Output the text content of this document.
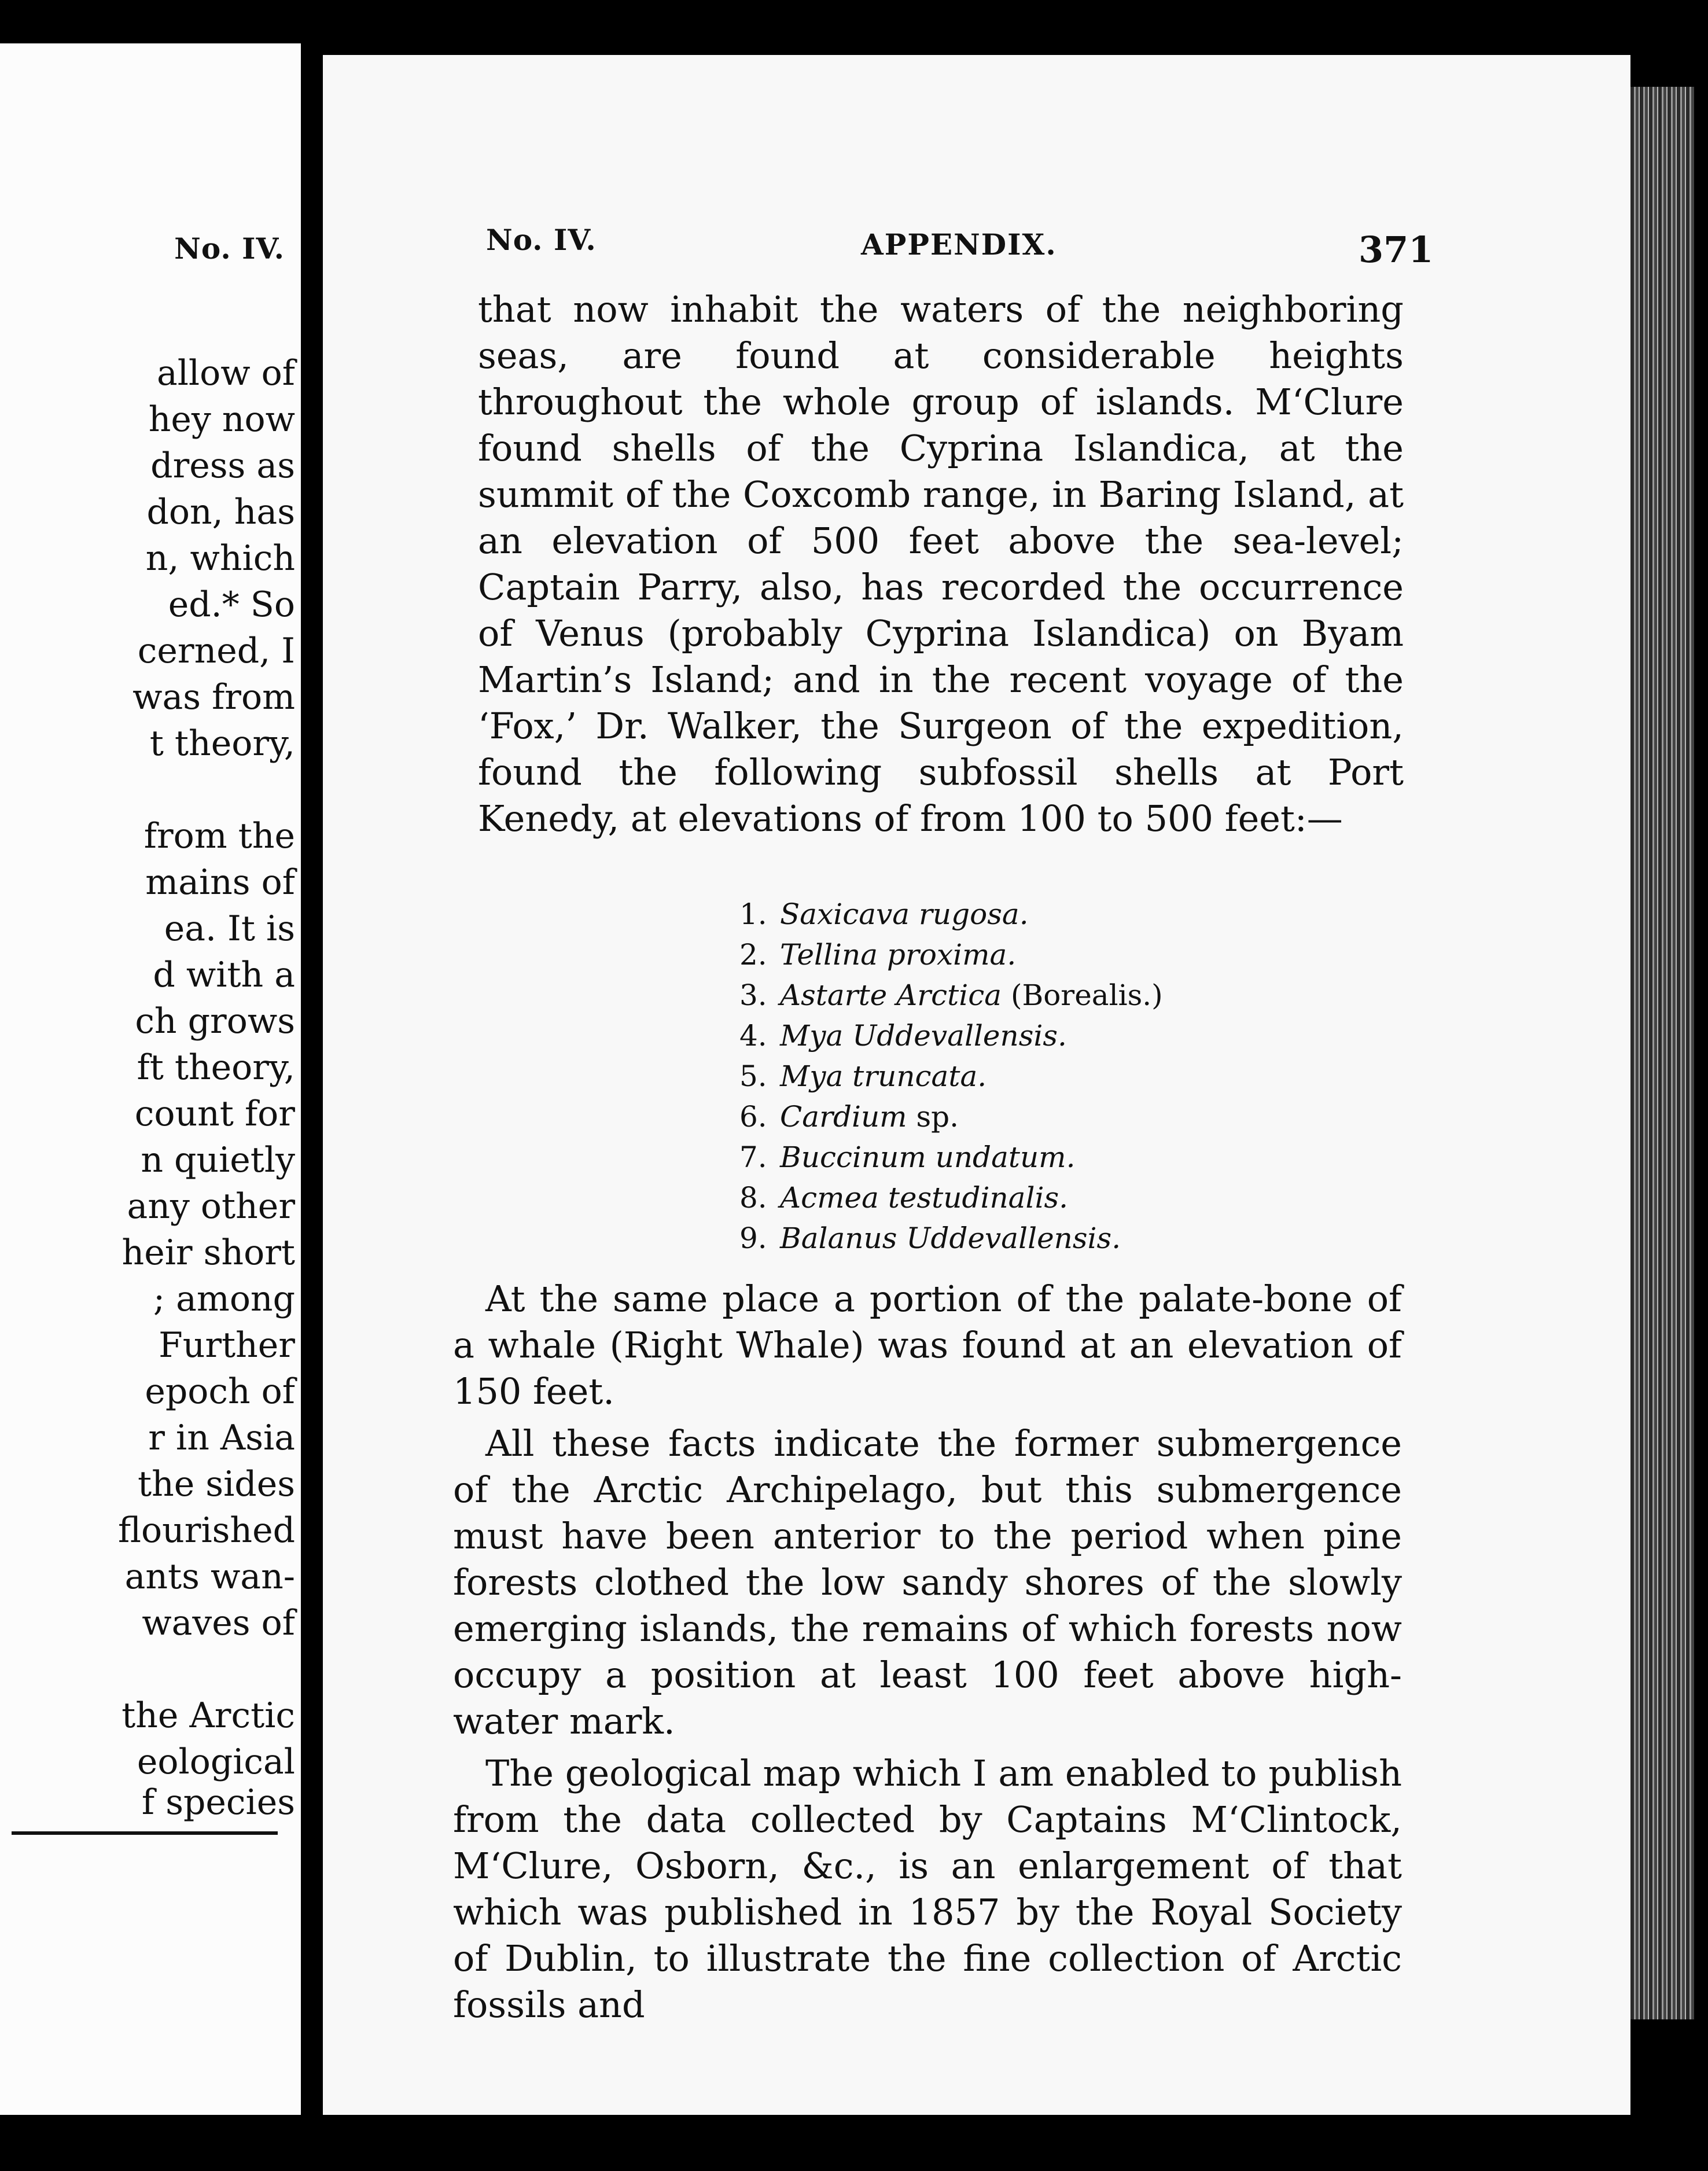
No. IV.
allow of
hey now
dress as
don, has
n, which
ed.* So
cerned, I
was from
t theory,
from the
mains of
ea. It is
d with a
ch grows
ft theory,
count for
n quietly
any other
heir short
; among
Further
epoch of
r in Asia
the sides
flourished
ants wan-
waves of
the Arctic
eological
f species
No. IV.	APPENDIX.	371

that now inhabit the waters of the neighboring seas, are found at considerable heights throughout the whole group of islands. M‘Clure found shells of the Cyprina Islandica, at the summit of the Coxcomb range, in Baring Island, at an elevation of 500 feet above the sea-level; Captain Parry, also, has recorded the occurrence of Venus (probably Cyprina Islandica) on Byam Martin’s Island; and in the recent voyage of the ‘Fox,’ Dr. Walker, the Surgeon of the expedition, found the following subfossil shells at Port Kenedy, at elevations of from 100 to 500 feet:—

1. Saxicava rugosa.
2. Tellina proxima.
3. Astarte Arctica (Borealis.)
4. Mya Uddevallensis.
5. Mya truncata.
6. Cardium sp.
7. Buccinum undatum.
8. Acmea testudinalis.
9. Balanus Uddevallensis.

At the same place a portion of the palate-bone of a whale (Right Whale) was found at an elevation of 150 feet.

All these facts indicate the former submergence of the Arctic Archipelago, but this submergence must have been anterior to the period when pine forests clothed the low sandy shores of the slowly emerging islands, the remains of which forests now occupy a position at least 100 feet above high-water mark.

The geological map which I am enabled to publish from the data collected by Captains M‘Clintock, M‘Clure, Osborn, &c., is an enlargement of that which was published in 1857 by the Royal Society of Dublin, to illustrate the fine collection of Arctic fossils and
